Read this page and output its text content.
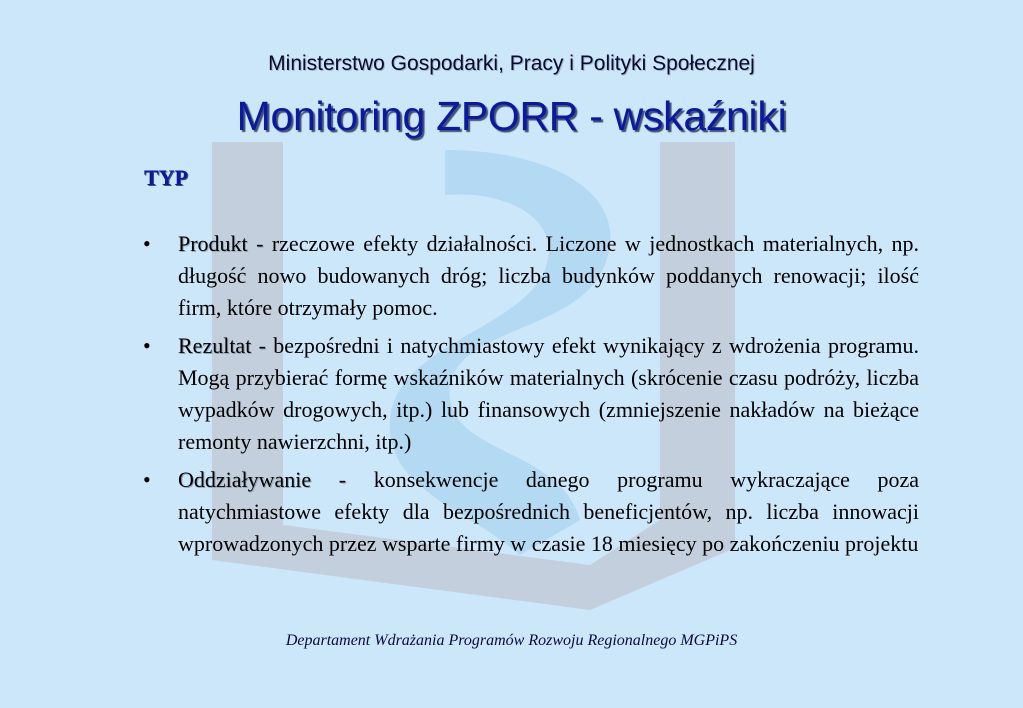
Ministerstwo Gospodarki, Pracy i Polityki Społecznej
Monitoring ZPORR - wskaźniki
TYP
• Produkt - rzeczowe efekty działalności. Liczone w jednostkach materialnych, np. długość nowo budowanych dróg; liczba budynków poddanych renowacji; ilość firm, które otrzymały pomoc.
• Rezultat - bezpośredni i natychmiastowy efekt wynikający z wdrożenia programu. Mogą przybierać formę wskaźników materialnych (skrócenie czasu podróży, liczba wypadków drogowych, itp.) lub finansowych (zmniejszenie nakładów na bieżące remonty nawierzchni, itp.)
• Oddziaływanie - konsekwencje danego programu wykraczające poza natychmiastowe efekty dla bezpośrednich beneficjentów, np. liczba innowacji wprowadzonych przez wsparte firmy w czasie 18 miesięcy po zakończeniu projektu
Departament Wdrażania Programów Rozwoju Regionalnego MGPiPS
